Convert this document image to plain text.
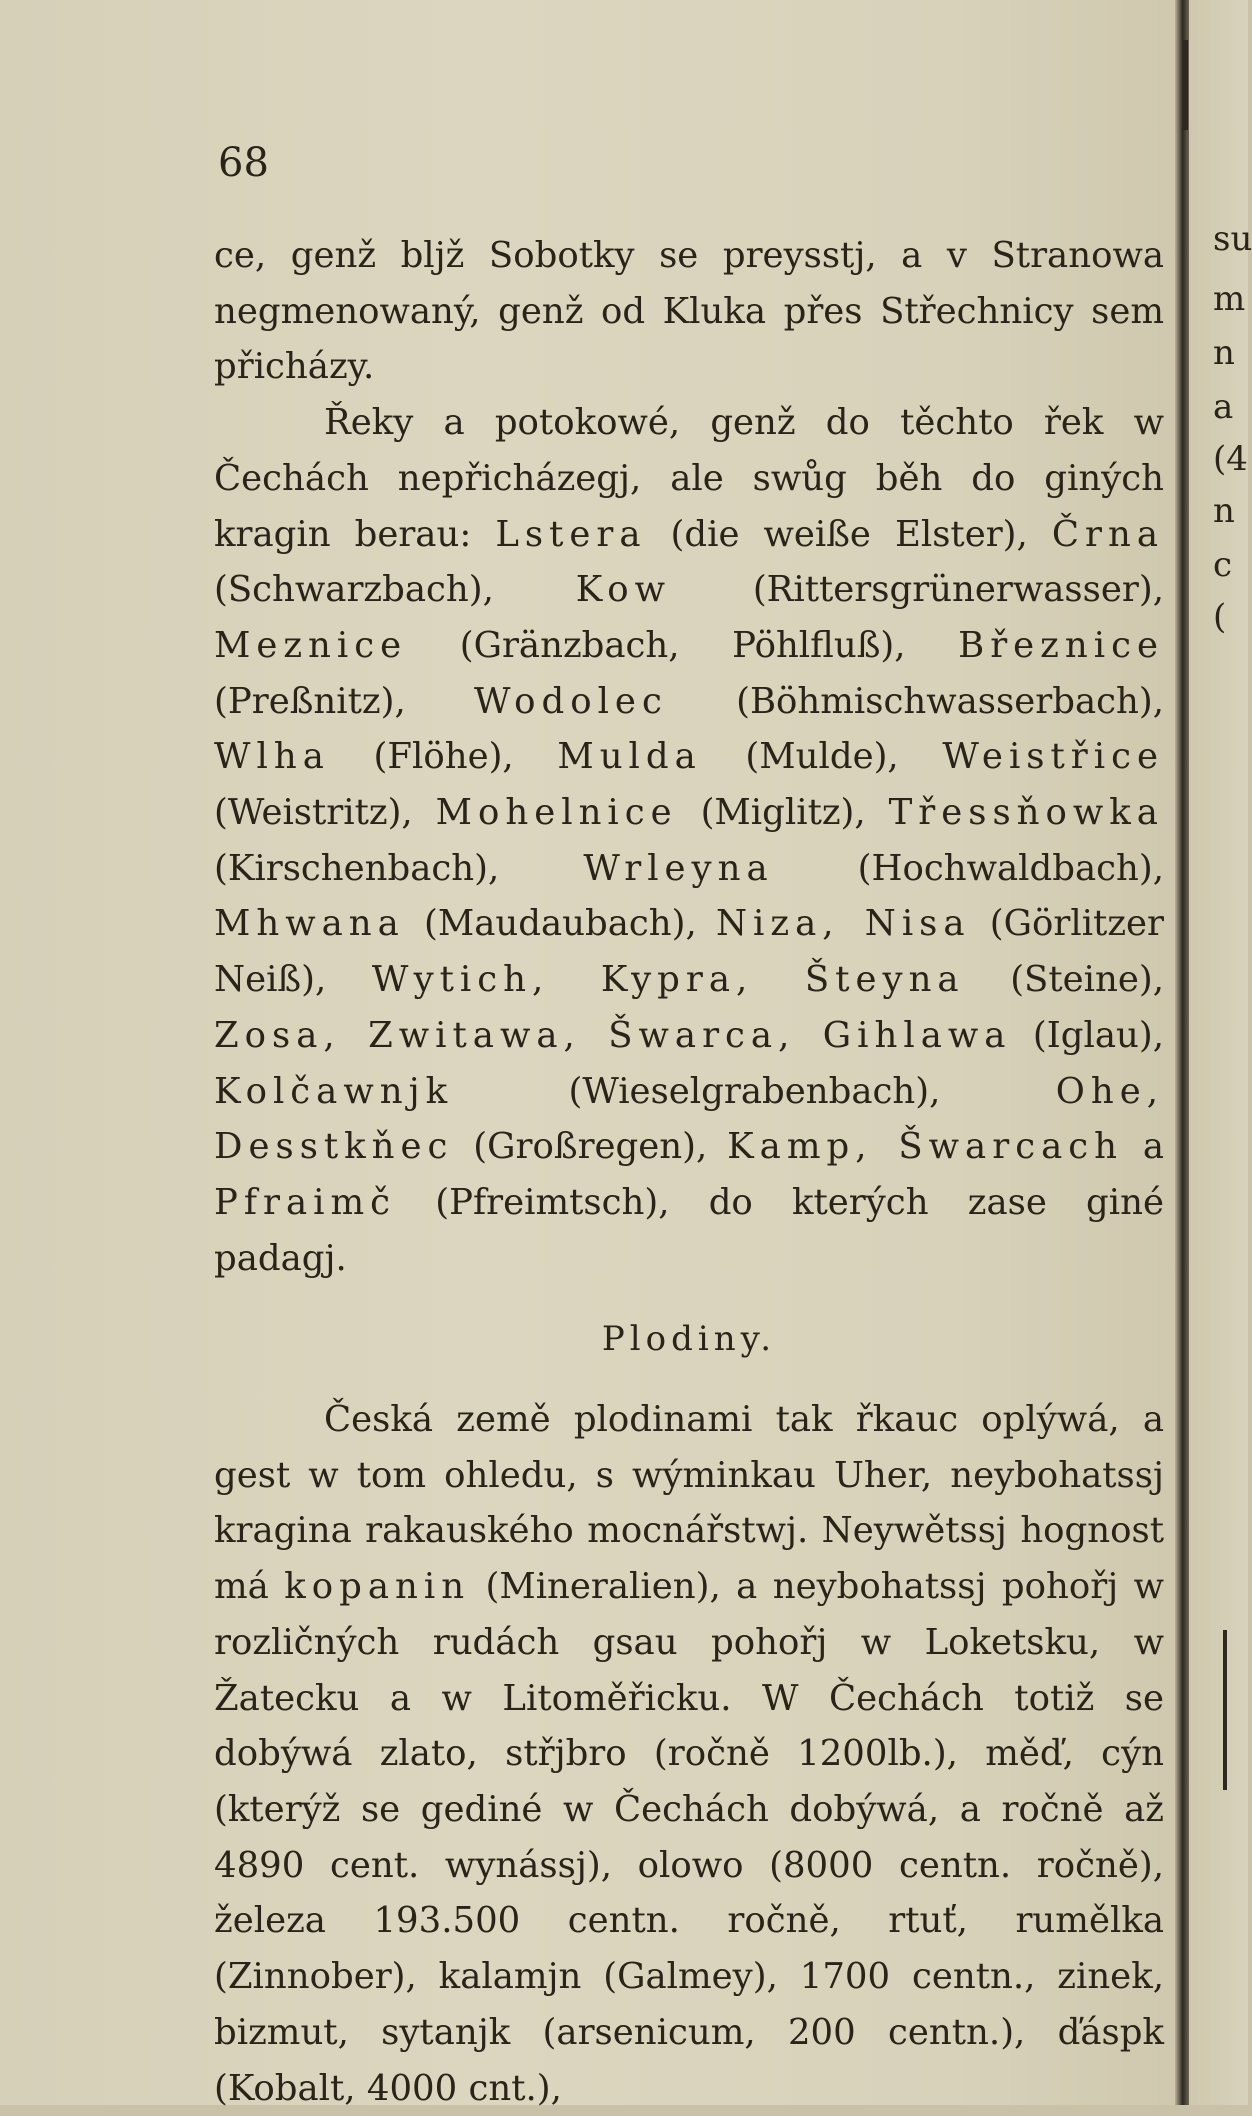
su
m
n
a
(4
n
c
(
68

ce, genž bljž Sobotky se preysstj, a v Stranowa negmenowaný, genž od Kluka přes Střechnicy sem přicházy.

Řeky a potokowé, genž do těchto řek w Čechách nepřicházegj, ale swůg běh do giných kragin berau: Lstera (die weiße Elster), Črna (Schwarzbach), Kow (Rittersgrünerwasser), Meznice (Gränzbach, Pöhlfluß), Březnice (Preßnitz), Wodolec (Böhmischwasserbach), Wlha (Flöhe), Mulda (Mulde), Weistřice (Weistritz), Mohelnice (Miglitz), Třessňowka (Kirschenbach), Wrleyna (Hochwaldbach), Mhwana (Maudaubach), Niza, Nisa (Görlitzer Neiß), Wytich, Kypra, Šteyna (Steine), Zosa, Zwitawa, Šwarca, Gihlawa (Iglau), Kolčawnjk (Wieselgrabenbach), Ohe, Desstkňec (Großregen), Kamp, Šwarcach a Pfraimč (Pfreimtsch), do kterých zase giné padagj.

Plodiny.

Česká země plodinami tak řkauc oplýwá, a gest w tom ohledu, s wýminkau Uher, neybohatssj kragina rakauského mocnářstwj. Neywětssj hognost má kopanin (Mineralien), a neybohatssj pohořj w rozličných rudách gsau pohořj w Loketsku, w Žatecku a w Litoměřicku. W Čechách totiž se dobýwá zlato, střjbro (ročně 1200lb.), měď, cýn (kterýž se gediné w Čechách dobýwá, a ročně až 4890 cent. wynássj), olowo (8000 centn. ročně), železa 193.500 centn. ročně, rtuť, rumělka (Zinnober), kalamjn (Galmey), 1700 centn., zinek, bizmut, sytanjk (arsenicum, 200 centn.), ďáspk (Kobalt, 4000 cnt.),
